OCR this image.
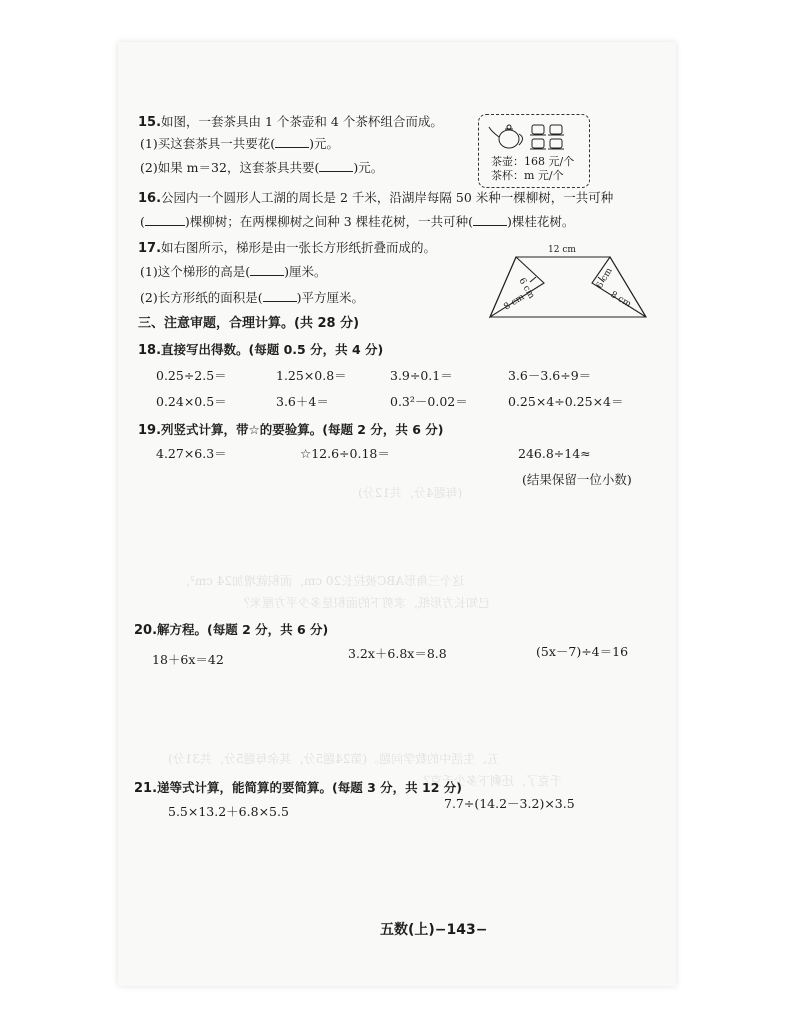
15.如图，一套茶具由 1 个茶壶和 4 个茶杯组合而成。
(1)买这套茶具一共要花(	)元。
(2)如果 m＝32，这套茶具共要(	)元。	茶壶：168 元/个
茶杯：m 元/个
16.公园内一个圆形人工湖的周长是 2 千米，沿湖岸每隔 50 米种一棵柳树，一共可种
(	)棵柳树；在两棵柳树之间种 3 棵桂花树，一共可种(	)棵桂花树。
17.如右图所示，梯形是由一张长方形纸折叠而成的。
(1)这个梯形的高是(	)厘米。
(2)长方形纸的面积是(	)平方厘米。
12 cm
6 cm	6 cm
8 cm	8 cm
三、注意审题，合理计算。(共 28 分)
18.直接写出得数。(每题 0.5 分，共 4 分)
0.25÷2.5＝	1.25×0.8＝	3.9÷0.1＝	3.6－3.6÷9＝
0.24×0.5＝	3.6＋4＝	0.3²－0.02＝	0.25×4÷0.25×4＝
19.列竖式计算，带☆的要验算。(每题 2 分，共 6 分)
4.27×6.3＝	☆12.6÷0.18＝	246.8÷14≈
(结果保留一位小数)
这个三角形ABC被拉长20 cm，面积就增加24 cm²，
已知长方形纸，求剪下的面积是多少平方厘米？
(每题4分，共12分)
五、生活中的数学问题。(第24题5分，其余每题5分，共31分)
千克了，还剩下多少千克？
20.解方程。(每题 2 分，共 6 分)
18＋6x＝42	3.2x＋6.8x＝8.8	(5x－7)÷4＝16
21.递等式计算，能简算的要简算。(每题 3 分，共 12 分)
5.5×13.2＋6.8×5.5
7.7÷(14.2－3.2)×3.5
五数(上)−143−
